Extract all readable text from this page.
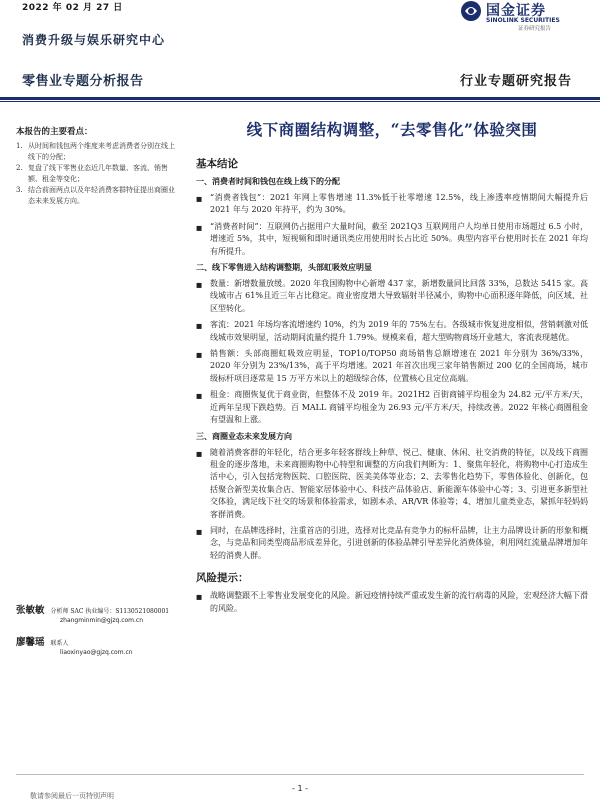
2022 年 02 月 27 日
消费升级与娱乐研究中心
国金证券
SINOLINK SECURITIES
证券研究报告
零售业专题分析报告	行业专题研究报告
本报告的主要看点：
1. 从时间和钱包两个维度来考虑消费者分别在线上线下的分配；
2. 复盘了线下零售业态近几年数量、客流、销售额、租金等变化；
3. 结合前面两点以及年轻消费客群特征提出商圈业态未来发展方向。
张敏敏 分析师 SAC 执业编号：S1130521080001
zhangminmin@gjzq.com.cn
廖馨瑶 联系人
liaoxinyao@gjzq.com.cn
线下商圈结构调整，“去零售化”体验突围
基本结论
一、消费者时间和钱包在线上线下的分配
■ “消费者钱包”：2021 年网上零售增速 11.3%低于社零增速 12.5%，线上渗透率疫情期间大幅提升后 2021 年与 2020 年持平，约为 30%。
■ “消费者时间”：互联网仍占据用户大量时间，截至 2021Q3 互联网用户人均单日使用市场超过 6.5 小时，增速近 5%，其中，短视频和即时通讯类应用使用时长占比近 50%。典型内容平台使用时长在 2021 年均有所提升。
二、线下零售进入结构调整期，头部虹吸效应明显
■ 数量：新增数量放缓。2020 年我国购物中心新增 437 家，新增数量同比回落 33%，总数达 5415 家。高线城市占 61%且近三年占比稳定。商业密度增大导致辐射半径减小，购物中心面积逐年降低，向区域、社区型转化。
■ 客流：2021 年场均客流增速约 10%，约为 2019 年的 75%左右。各级城市恢复进度相似，营销刺激对低线城市效果明显，活动期间流量约提升 1.79%。规模来看，超大型购物商场开业越大，客流表现越优。
■ 销售额：头部商圈虹吸效应明显，TOP10/TOP50 商场销售总额增速在 2021 年分别为 36%/33%，2020 年分别为 23%/13%，高于平均增速。2021 年首次出现三家年销售额过 200 亿的全国商场，城市级标杆项目逐常是 15 万平方米以上的超级综合体，位置核心且定位高端。
■ 租金：商圈恢复优于商业街，但整体不及 2019 年。2021H2 百街商铺平均租金为 24.82 元/平方米/天，近两年呈现下跌趋势。百 MALL 商铺平均租金为 26.93 元/平方米/天，持续改善。2022 年核心商圈租金有望温和上涨。
三、商圈业态未来发展方向
■ 随着消费客群的年轻化，结合更多年轻客群线上种草、悦己、健康、休闲、社交消费的特征，以及线下商圈租金的逐步落地，未来商圈购物中心特型和调整的方向我们判断为：1、聚焦年轻化，将购物中心打造成生活中心，引入包括宠物医院、口腔医院、医美美体等业态；2、去零售化趋势下，零售体验化、创新化，包括聚合新型美妆集合店、智能家居体验中心、科技产品体验店、新能源车体验中心等；3、引进更多新型社交体验，满足线下社交的场景和体验需求，如剧本杀、AR/VR 体验等；4、增加儿童类业态，紧抓年轻妈妈客群消费。
■ 同时，在品牌选择时，注重首店的引进，选择对比竞品有竞争力的标杆品牌，让主力品牌设计新的形象和概念，与竞品和同类型商品形成差异化，引进创新的体验品牌引导差异化消费体验，利用网红流量品牌增加年轻的消费人群。
风险提示：
■ 战略调整跟不上零售业发展变化的风险。新冠疫情持续严重或发生新的流行病毒的风险，宏观经济大幅下滑的风险。
- 1 -
敬请参阅最后一页特别声明
